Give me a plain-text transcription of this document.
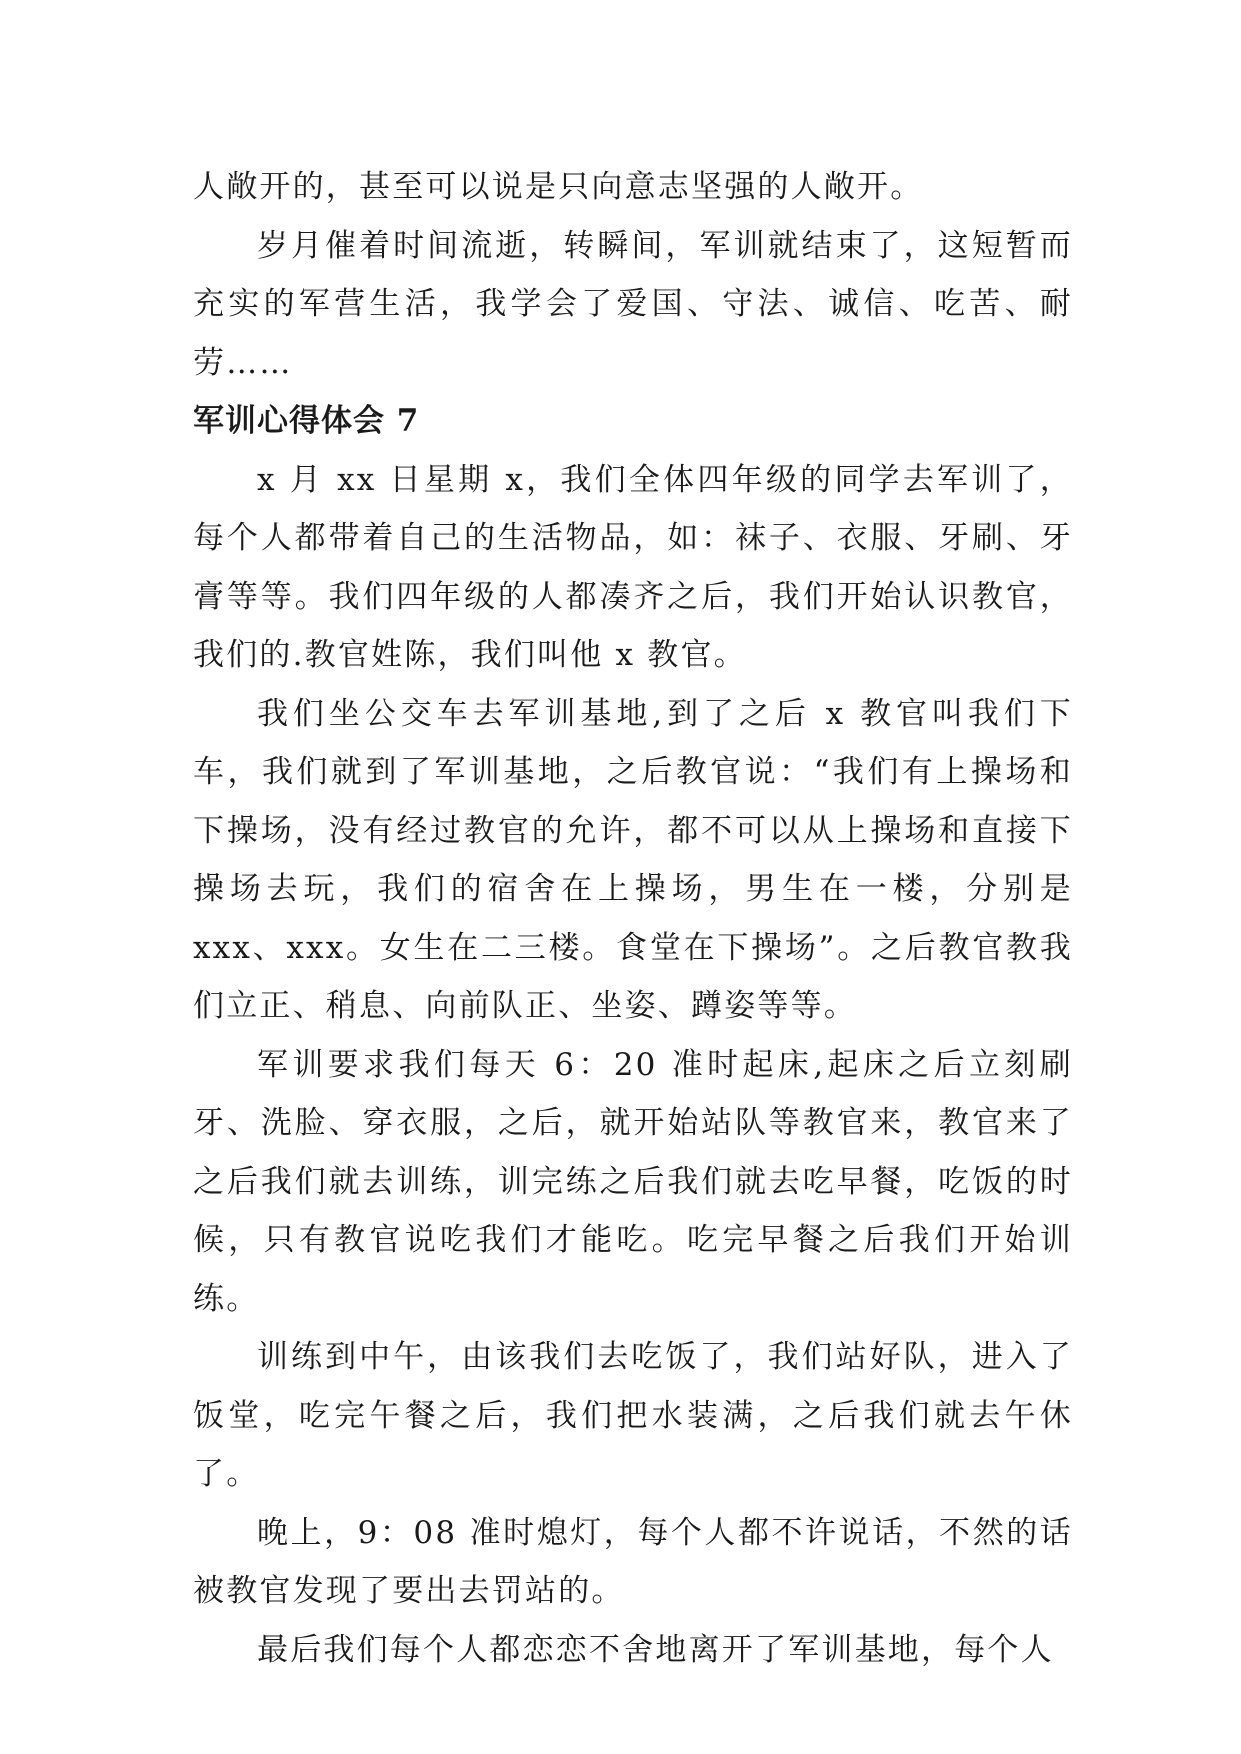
人敞开的，甚至可以说是只向意志坚强的人敞开。

岁月催着时间流逝，转瞬间，军训就结束了，这短暂而充实的军营生活，我学会了爱国、守法、诚信、吃苦、耐劳……

军训心得体会 7

x 月 xx 日星期 x，我们全体四年级的同学去军训了，每个人都带着自己的生活物品，如：袜子、衣服、牙刷、牙膏等等。我们四年级的人都凑齐之后，我们开始认识教官，我们的.教官姓陈，我们叫他 x 教官。

我们坐公交车去军训基地,到了之后 x 教官叫我们下车，我们就到了军训基地，之后教官说：“我们有上操场和下操场，没有经过教官的允许，都不可以从上操场和直接下操场去玩，我们的宿舍在上操场，男生在一楼，分别是 xxx、xxx。女生在二三楼。食堂在下操场”。之后教官教我们立正、稍息、向前队正、坐姿、蹲姿等等。

军训要求我们每天 6：20 准时起床,起床之后立刻刷牙、洗脸、穿衣服，之后，就开始站队等教官来，教官来了之后我们就去训练，训完练之后我们就去吃早餐，吃饭的时候，只有教官说吃我们才能吃。吃完早餐之后我们开始训练。

训练到中午，由该我们去吃饭了，我们站好队，进入了饭堂，吃完午餐之后，我们把水装满，之后我们就去午休了。

晚上，9：08 准时熄灯，每个人都不许说话，不然的话被教官发现了要出去罚站的。

最后我们每个人都恋恋不舍地离开了军训基地，每个人
